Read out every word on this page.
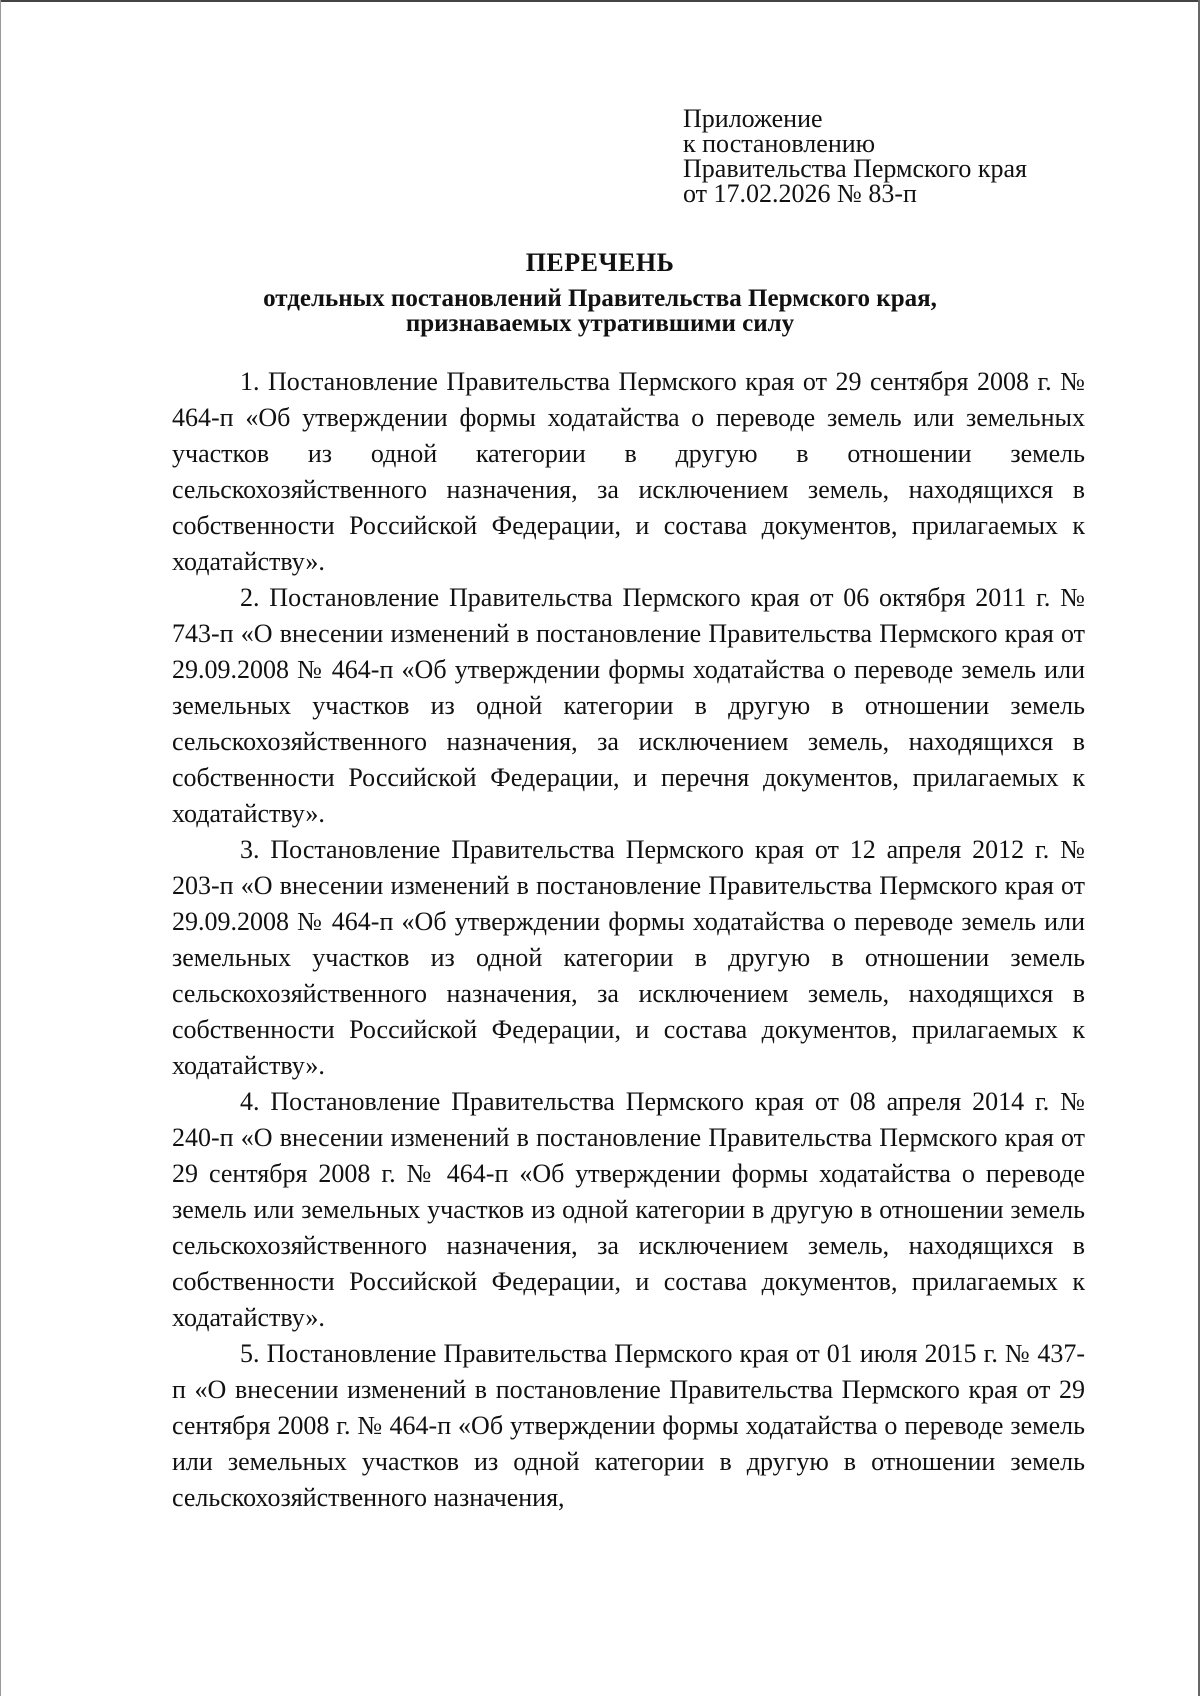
Приложение
к постановлению
Правительства Пермского края
от 17.02.2026 № 83-п
ПЕРЕЧЕНЬ
отдельных постановлений Правительства Пермского края,
признаваемых утратившими силу

1. Постановление Правительства Пермского края от 29 сентября 2008 г. № 464-п «Об утверждении формы ходатайства о переводе земель или земельных участков из одной категории в другую в отношении земель сельскохозяйственного назначения, за исключением земель, находящихся в собственности Российской Федерации, и состава документов, прилагаемых к ходатайству».

2. Постановление Правительства Пермского края от 06 октября 2011 г. № 743-п «О внесении изменений в постановление Правительства Пермского края от 29.09.2008 № 464-п «Об утверждении формы ходатайства о переводе земель или земельных участков из одной категории в другую в отношении земель сельскохозяйственного назначения, за исключением земель, находящихся в собственности Российской Федерации, и перечня документов, прилагаемых к ходатайству».

3. Постановление Правительства Пермского края от 12 апреля 2012 г. № 203-п «О внесении изменений в постановление Правительства Пермского края от 29.09.2008 № 464-п «Об утверждении формы ходатайства о переводе земель или земельных участков из одной категории в другую в отношении земель сельскохозяйственного назначения, за исключением земель, находящихся в собственности Российской Федерации, и состава документов, прилагаемых к ходатайству».

4. Постановление Правительства Пермского края от 08 апреля 2014 г. № 240-п «О внесении изменений в постановление Правительства Пермского края от 29 сентября 2008 г. № 464-п «Об утверждении формы ходатайства о переводе земель или земельных участков из одной категории в другую в отношении земель сельскохозяйственного назначения, за исключением земель, находящихся в собственности Российской Федерации, и состава документов, прилагаемых к ходатайству».

5. Постановление Правительства Пермского края от 01 июля 2015 г. № 437-п «О внесении изменений в постановление Правительства Пермского края от 29 сентября 2008 г. № 464-п «Об утверждении формы ходатайства о переводе земель или земельных участков из одной категории в другую в отношении земель сельскохозяйственного назначения,
